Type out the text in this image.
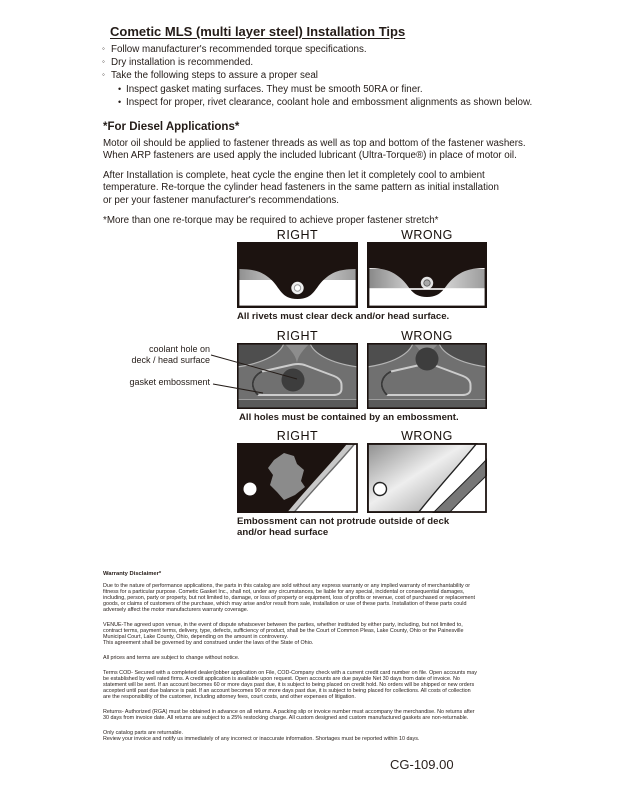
Cometic MLS (multi layer steel) Installation Tips
◦ Follow manufacturer's recommended torque specifications.
◦ Dry installation is recommended.
◦ Take the following steps to assure a proper seal
• Inspect gasket mating surfaces. They must be smooth 50RA or finer.
• Inspect for proper, rivet clearance, coolant hole and embossment alignments as shown below.
*For Diesel Applications*
Motor oil should be applied to fastener threads as well as top and bottom of the fastener washers.
When ARP fasteners are used apply the included lubricant (Ultra-Torque®) in place of motor oil.
After Installation is complete, heat cycle the engine then let it completely cool to ambient
temperature. Re-torque the cylinder head fasteners in the same pattern as initial installation
or per your fastener manufacturer's recommendations.
*More than one re-torque may be required to achieve proper fastener stretch*
RIGHT	WRONG
All rivets must clear deck and/or head surface.
RIGHT	WRONG
coolant hole on
deck / head surface
gasket embossment
All holes must be contained by an embossment.
RIGHT	WRONG
Embossment can not protrude outside of deck
and/or head surface
Warranty Disclaimer*
Due to the nature of performance applications, the parts in this catalog are sold without any express warranty or any implied warranty of merchantability or
fitness for a particular purpose. Cometic Gasket Inc., shall not, under any circumstances, be liable for any special, incidental or consequential damages,
including, person, party or property, but not limited to, damage, or loss of property or equipment, loss of profits or revenue, cost of purchased or replacement
goods, or claims of customers of the purchase, which may arise and/or result from sale, installation or use of these parts. Installation of these parts could
adversely affect the motor manufacturers warranty coverage.
VENUE-The agreed upon venue, in the event of dispute whatsoever between the parties, whether instituted by either party, including, but not limited to,
contract terms, payment terms, delivery, type, defects, sufficiency of product, shall be the Court of Common Pleas, Lake County, Ohio or the Painesville
Municipal Court, Lake County, Ohio, depending on the amount in controversy.
This agreement shall be governed by and construed under the laws of the State of Ohio.
All prices and terms are subject to change without notice.
Terms COD- Secured with a completed dealer/jobber application on File, COD-Company check with a current credit card number on file. Open accounts may
be established by well rated firms. A credit application is available upon request. Open accounts are due payable Net 30 days from date of invoice. No
statement will be sent. If an account becomes 60 or more days past due, it is subject to being placed on credit hold. No orders will be shipped or new orders
accepted until past due balance is paid. If an account becomes 90 or more days past due, it is subject to being placed for collections. All costs of collection
are the responsibility of the customer, including attorney fees, court costs, and other expenses of litigation.
Returns- Authorized (RGA) must be obtained in advance on all returns. A packing slip or invoice number must accompany the merchandise. No returns after
30 days from invoice date. All returns are subject to a 25% restocking charge. All custom designed and custom manufactured gaskets are non-returnable.
Only catalog parts are returnable.
Review your invoice and notify us immediately of any incorrect or inaccurate information. Shortages must be reported within 10 days.
CG-109.00
